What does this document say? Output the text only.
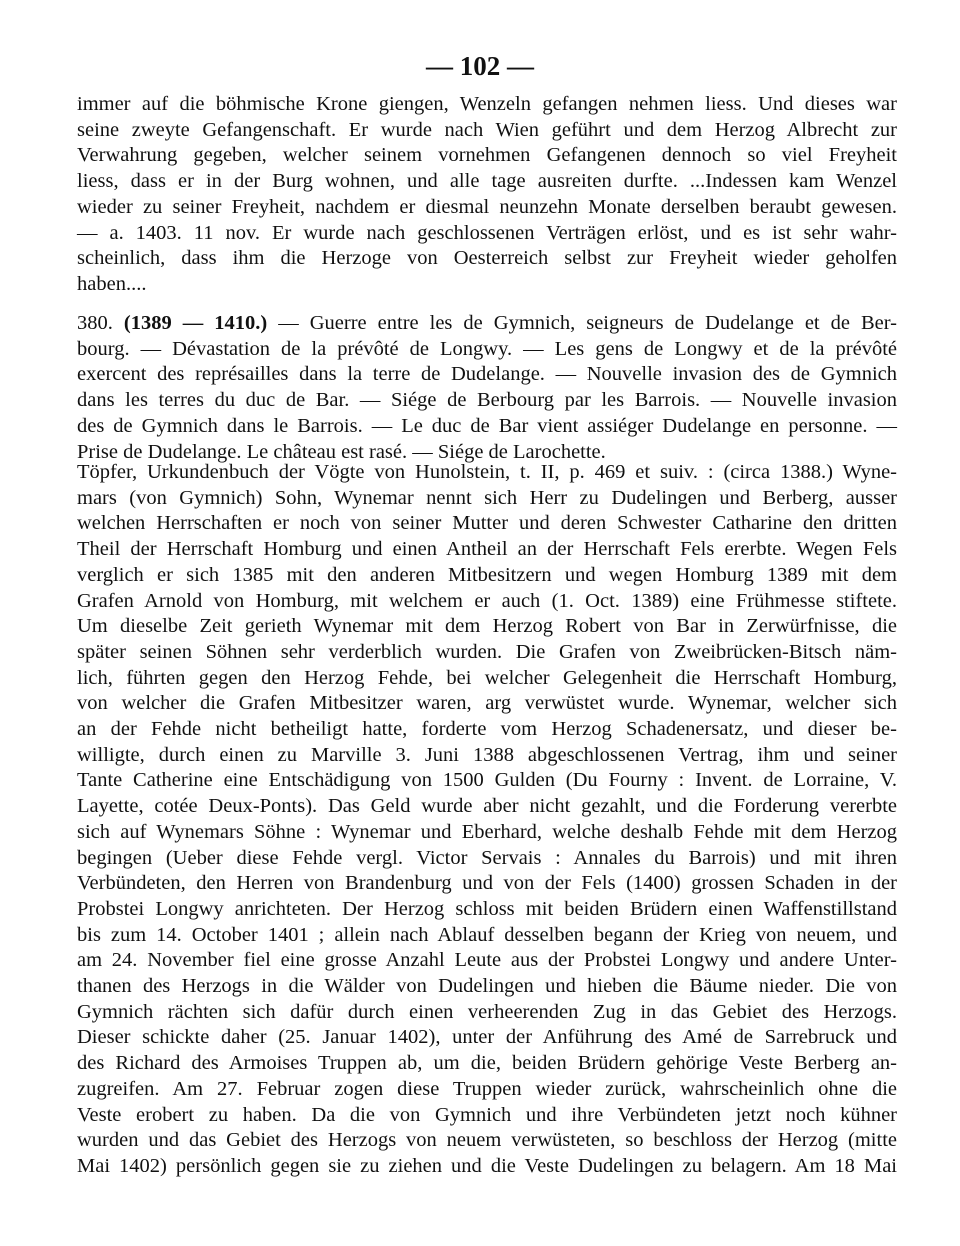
— 102 —
immer auf die böhmische Krone giengen, Wenzeln gefangen nehmen liess. Und dieses war
seine zweyte Gefangenschaft. Er wurde nach Wien geführt und dem Herzog Albrecht zur
Verwahrung gegeben, welcher seinem vornehmen Gefangenen dennoch so viel Freyheit
liess, dass er in der Burg wohnen, und alle tage ausreiten durfte. ...Indessen kam Wenzel
wieder zu seiner Freyheit, nachdem er diesmal neunzehn Monate derselben beraubt gewesen.
— a. 1403. 11 nov. Er wurde nach geschlossenen Verträgen erlöst, und es ist sehr wahr-
scheinlich, dass ihm die Herzoge von Oesterreich selbst zur Freyheit wieder geholfen
haben....
380. (1389 — 1410.) — Guerre entre les de Gymnich, seigneurs de Dudelange et de Ber-
bourg. — Dévastation de la prévôté de Longwy. — Les gens de Longwy et de la prévôté
exercent des représailles dans la terre de Dudelange. — Nouvelle invasion des de Gymnich
dans les terres du duc de Bar. — Siége de Berbourg par les Barrois. — Nouvelle invasion
des de Gymnich dans le Barrois. — Le duc de Bar vient assiéger Dudelange en personne. —
Prise de Dudelange. Le château est rasé. — Siége de Larochette.
Töpfer, Urkundenbuch der Vögte von Hunolstein, t. II, p. 469 et suiv. : (circa 1388.) Wyne-
mars (von Gymnich) Sohn, Wynemar nennt sich Herr zu Dudelingen und Berberg, ausser
welchen Herrschaften er noch von seiner Mutter und deren Schwester Catharine den dritten
Theil der Herrschaft Homburg und einen Antheil an der Herrschaft Fels ererbte. Wegen Fels
verglich er sich 1385 mit den anderen Mitbesitzern und wegen Homburg 1389 mit dem
Grafen Arnold von Homburg, mit welchem er auch (1. Oct. 1389) eine Frühmesse stiftete.
Um dieselbe Zeit gerieth Wynemar mit dem Herzog Robert von Bar in Zerwürfnisse, die
später seinen Söhnen sehr verderblich wurden. Die Grafen von Zweibrücken-Bitsch näm-
lich, führten gegen den Herzog Fehde, bei welcher Gelegenheit die Herrschaft Homburg,
von welcher die Grafen Mitbesitzer waren, arg verwüstet wurde. Wynemar, welcher sich
an der Fehde nicht betheiligt hatte, forderte vom Herzog Schadenersatz, und dieser be-
willigte, durch einen zu Marville 3. Juni 1388 abgeschlossenen Vertrag, ihm und seiner
Tante Catherine eine Entschädigung von 1500 Gulden (Du Fourny : Invent. de Lorraine, V.
Layette, cotée Deux-Ponts). Das Geld wurde aber nicht gezahlt, und die Forderung vererbte
sich auf Wynemars Söhne : Wynemar und Eberhard, welche deshalb Fehde mit dem Herzog
begingen (Ueber diese Fehde vergl. Victor Servais : Annales du Barrois) und mit ihren
Verbündeten, den Herren von Brandenburg und von der Fels (1400) grossen Schaden in der
Probstei Longwy anrichteten. Der Herzog schloss mit beiden Brüdern einen Waffenstillstand
bis zum 14. October 1401 ; allein nach Ablauf desselben begann der Krieg von neuem, und
am 24. November fiel eine grosse Anzahl Leute aus der Probstei Longwy und andere Unter-
thanen des Herzogs in die Wälder von Dudelingen und hieben die Bäume nieder. Die von
Gymnich rächten sich dafür durch einen verheerenden Zug in das Gebiet des Herzogs.
Dieser schickte daher (25. Januar 1402), unter der Anführung des Amé de Sarrebruck und
des Richard des Armoises Truppen ab, um die, beiden Brüdern gehörige Veste Berberg an-
zugreifen. Am 27. Februar zogen diese Truppen wieder zurück, wahrscheinlich ohne die
Veste erobert zu haben. Da die von Gymnich und ihre Verbündeten jetzt noch kühner
wurden und das Gebiet des Herzogs von neuem verwüsteten, so beschloss der Herzog (mitte
Mai 1402) persönlich gegen sie zu ziehen und die Veste Dudelingen zu belagern. Am 18 Mai
